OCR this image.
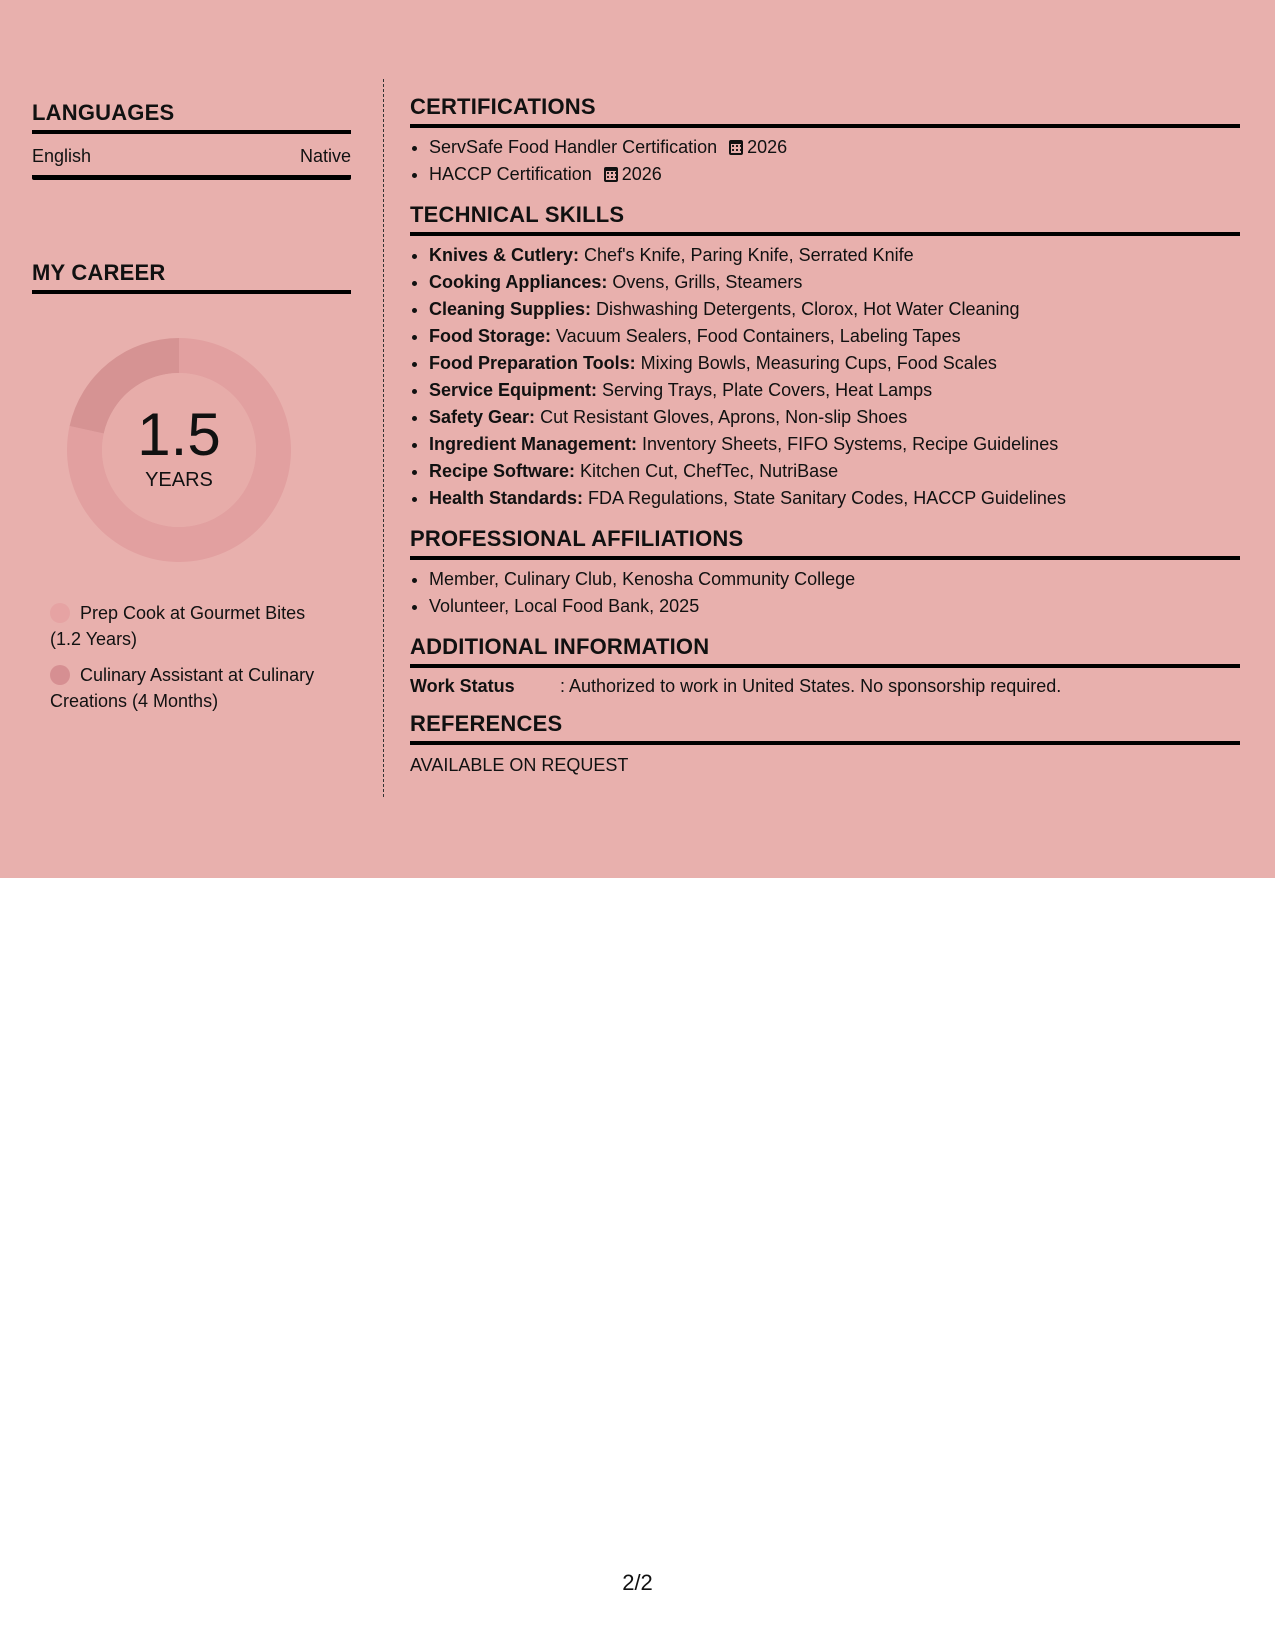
LANGUAGES
English	Native
MY CAREER
1.5
YEARS
Prep Cook at Gourmet Bites (1.2 Years)
Culinary Assistant at Culinary Creations (4 Months)
CERTIFICATIONS
• ServSafe Food Handler Certification 2026
• HACCP Certification 2026
TECHNICAL SKILLS
• Knives & Cutlery: Chef's Knife, Paring Knife, Serrated Knife
• Cooking Appliances: Ovens, Grills, Steamers
• Cleaning Supplies: Dishwashing Detergents, Clorox, Hot Water Cleaning
• Food Storage: Vacuum Sealers, Food Containers, Labeling Tapes
• Food Preparation Tools: Mixing Bowls, Measuring Cups, Food Scales
• Service Equipment: Serving Trays, Plate Covers, Heat Lamps
• Safety Gear: Cut Resistant Gloves, Aprons, Non-slip Shoes
• Ingredient Management: Inventory Sheets, FIFO Systems, Recipe Guidelines
• Recipe Software: Kitchen Cut, ChefTec, NutriBase
• Health Standards: FDA Regulations, State Sanitary Codes, HACCP Guidelines
PROFESSIONAL AFFILIATIONS
• Member, Culinary Club, Kenosha Community College
• Volunteer, Local Food Bank, 2025
ADDITIONAL INFORMATION
Work Status	: Authorized to work in United States. No sponsorship required.
REFERENCES
AVAILABLE ON REQUEST
2/2
